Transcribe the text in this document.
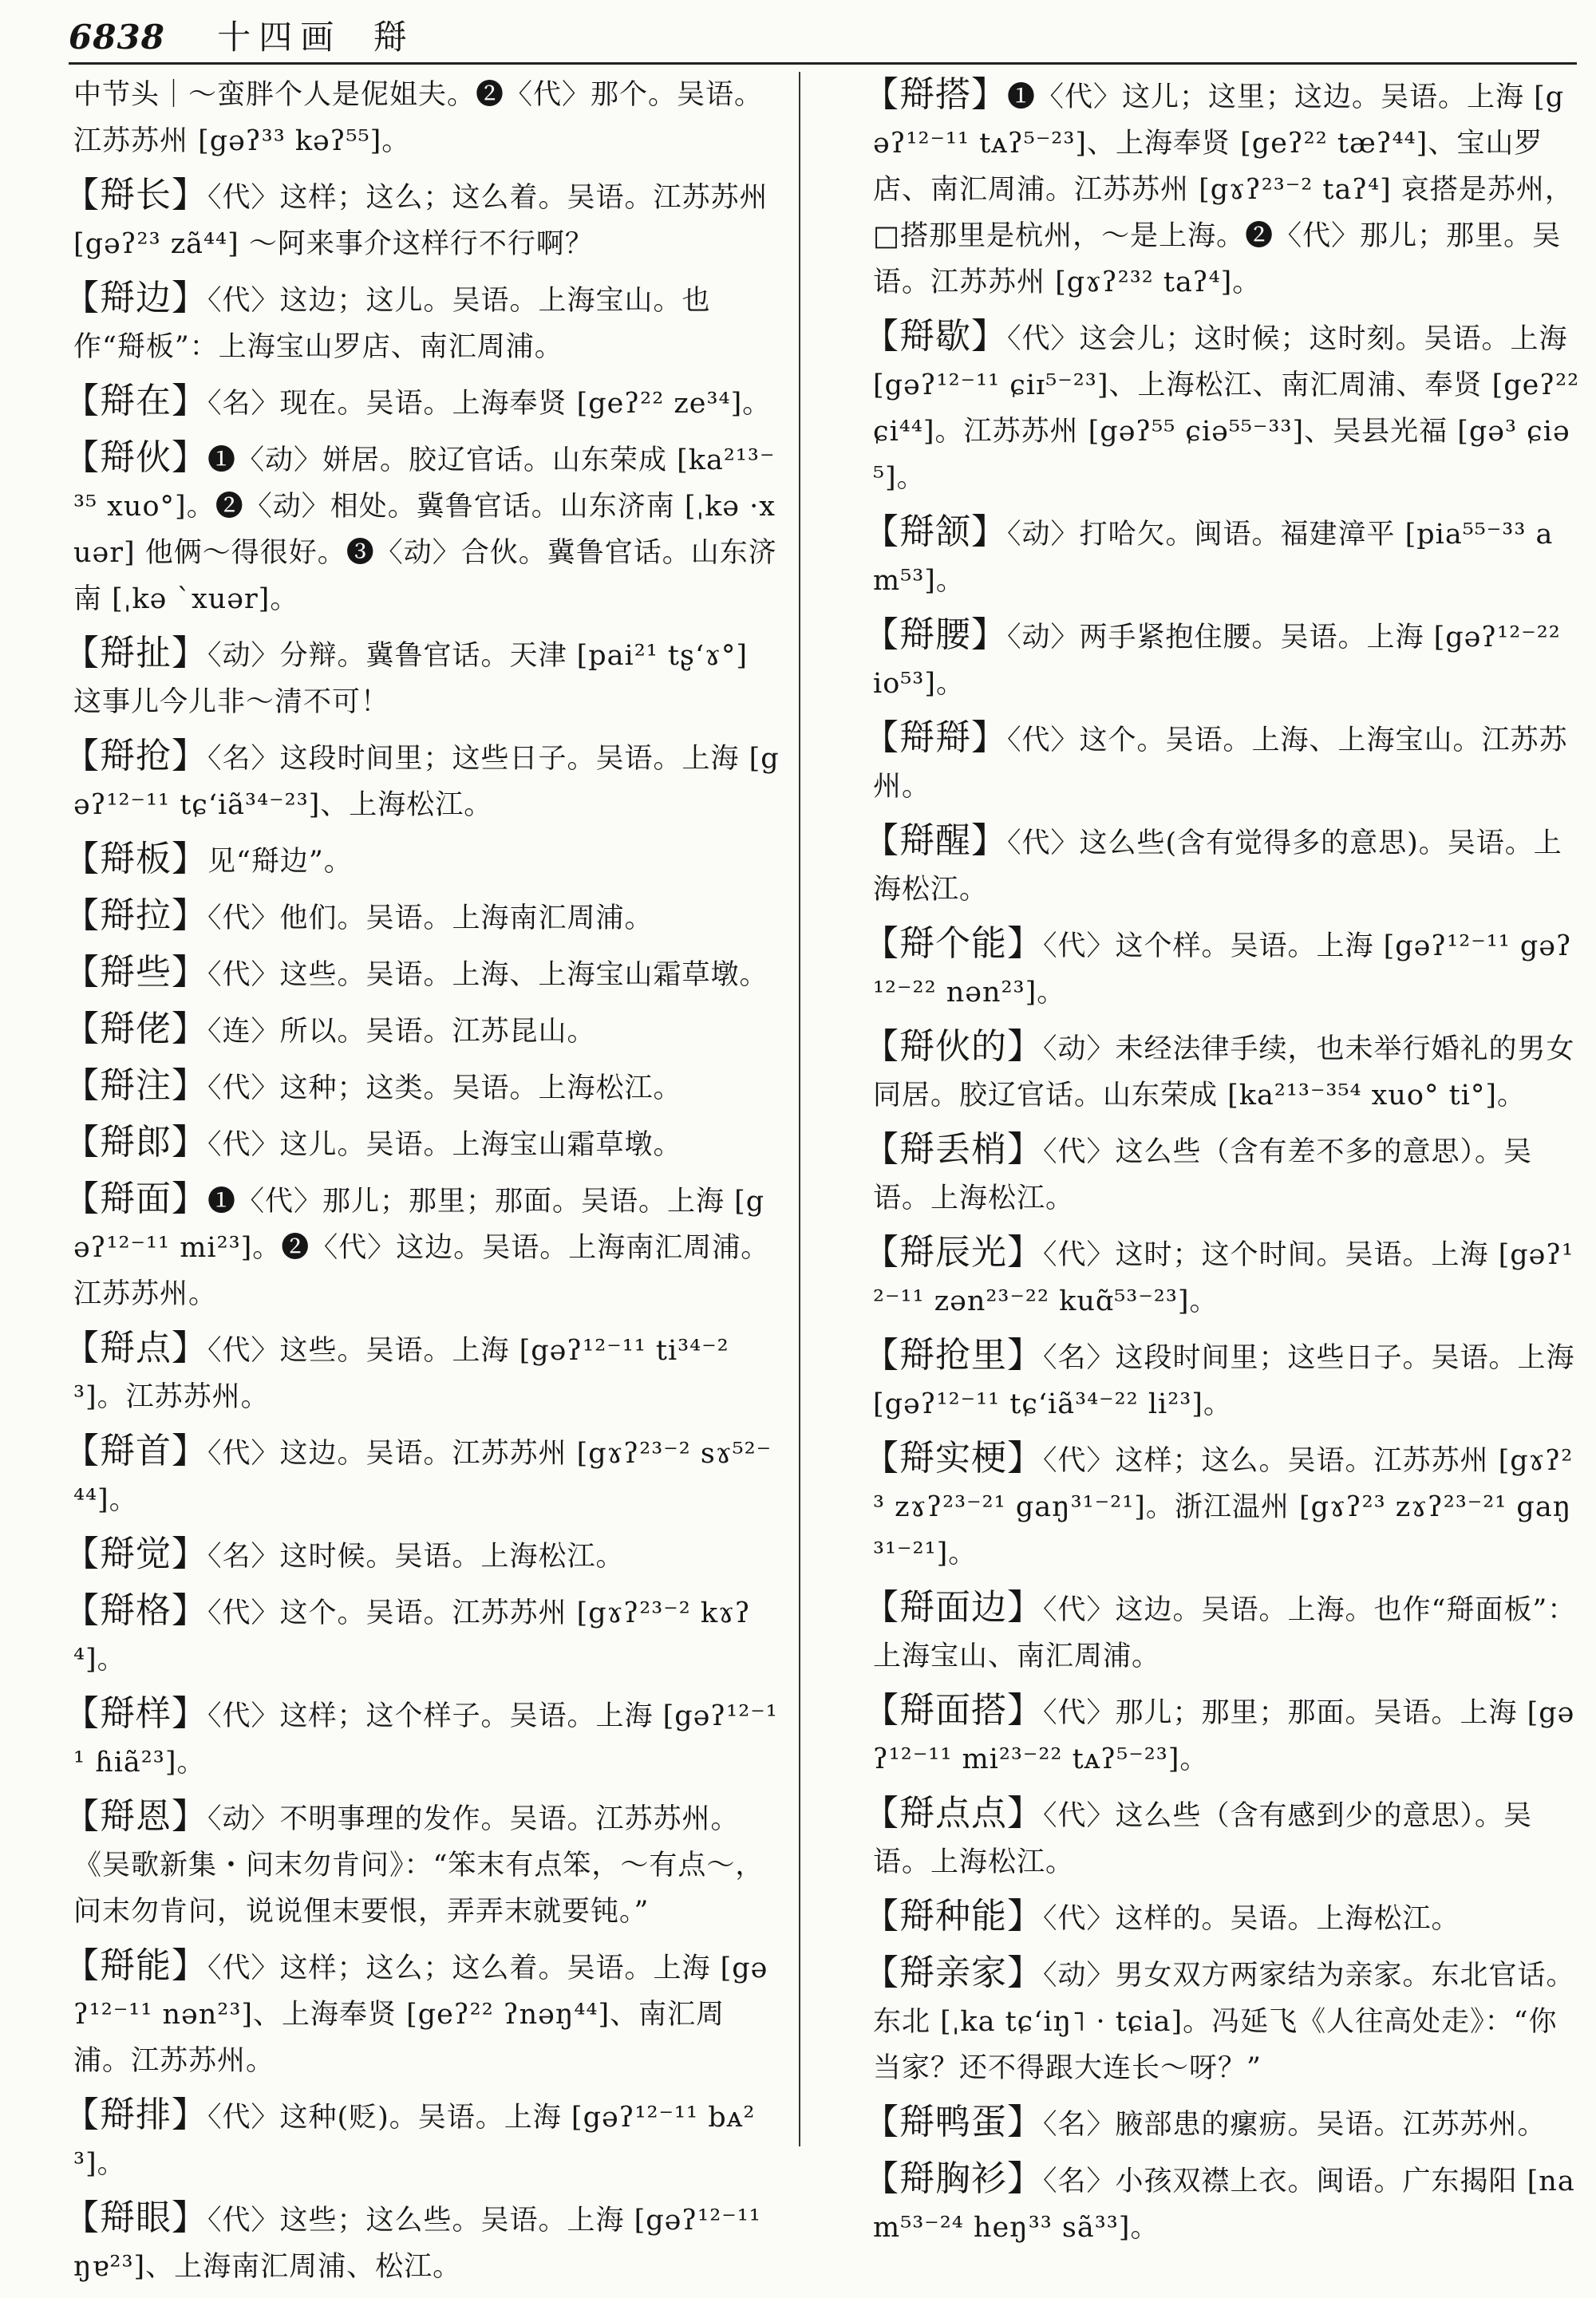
6838 十四画 搿
中节头｜～蛮胖个人是伲姐夫。❷〈代〉那个。吴语。江苏苏州 [gəʔ³³ kəʔ⁵⁵]。
【搿长】〈代〉这样；这么；这么着。吴语。江苏苏州 [gəʔ²³ zã⁴⁴] ～阿来事介这样行不行啊？
【搿边】〈代〉这边；这儿。吴语。上海宝山。也作“搿板”：上海宝山罗店、南汇周浦。
【搿在】〈名〉现在。吴语。上海奉贤 [geʔ²² ze³⁴]。
【搿伙】❶〈动〉姘居。胶辽官话。山东荣成 [ka²¹³⁻³⁵ xuo°]。❷〈动〉相处。冀鲁官话。山东济南 [ˌkə ·xuər] 他俩～得很好。❸〈动〉合伙。冀鲁官话。山东济南 [ˌkə ˋxuər]。
【搿扯】〈动〉分辩。冀鲁官话。天津 [pai²¹ tʂʻɤ°] 这事儿今儿非～清不可！
【搿抢】〈名〉这段时间里；这些日子。吴语。上海 [gəʔ¹²⁻¹¹ tɕʻiã³⁴⁻²³]、上海松江。
【搿板】见“搿边”。
【搿拉】〈代〉他们。吴语。上海南汇周浦。
【搿些】〈代〉这些。吴语。上海、上海宝山霜草墩。
【搿佬】〈连〉所以。吴语。江苏昆山。
【搿注】〈代〉这种；这类。吴语。上海松江。
【搿郎】〈代〉这儿。吴语。上海宝山霜草墩。
【搿面】❶〈代〉那儿；那里；那面。吴语。上海 [gəʔ¹²⁻¹¹ mi²³]。❷〈代〉这边。吴语。上海南汇周浦。江苏苏州。
【搿点】〈代〉这些。吴语。上海 [gəʔ¹²⁻¹¹ ti³⁴⁻²³]。江苏苏州。
【搿首】〈代〉这边。吴语。江苏苏州 [gɤʔ²³⁻² sɤ⁵²⁻⁴⁴]。
【搿觉】〈名〉这时候。吴语。上海松江。
【搿格】〈代〉这个。吴语。江苏苏州 [gɤʔ²³⁻² kɤʔ⁴]。
【搿样】〈代〉这样；这个样子。吴语。上海 [gəʔ¹²⁻¹¹ ɦiã²³]。
【搿恩】〈动〉不明事理的发作。吴语。江苏苏州。《吴歌新集・问末勿肯问》：“笨末有点笨，～有点～，问末勿肯问，说说俚末要恨，弄弄末就要钝。”
【搿能】〈代〉这样；这么；这么着。吴语。上海 [gəʔ¹²⁻¹¹ nən²³]、上海奉贤 [geʔ²² ʔnəŋ⁴⁴]、南汇周浦。江苏苏州。
【搿排】〈代〉这种(贬)。吴语。上海 [gəʔ¹²⁻¹¹ bᴀ²³]。
【搿眼】〈代〉这些；这么些。吴语。上海 [gəʔ¹²⁻¹¹ ŋɐ²³]、上海南汇周浦、松江。
【搿搭】❶〈代〉这儿；这里；这边。吴语。上海 [gəʔ¹²⁻¹¹ tᴀʔ⁵⁻²³]、上海奉贤 [geʔ²² tæʔ⁴⁴]、宝山罗店、南汇周浦。江苏苏州 [gɤʔ²³⁻² taʔ⁴] 哀搭是苏州，□搭那里是杭州，～是上海。❷〈代〉那儿；那里。吴语。江苏苏州 [gɤʔ²³² taʔ⁴]。
【搿歇】〈代〉这会儿；这时候；这时刻。吴语。上海 [gəʔ¹²⁻¹¹ ɕiɪ⁵⁻²³]、上海松江、南汇周浦、奉贤 [geʔ²² ɕi⁴⁴]。江苏苏州 [gəʔ⁵⁵ ɕiə⁵⁵⁻³³]、吴县光福 [gə³ ɕiə⁵]。
【搿颔】〈动〉打哈欠。闽语。福建漳平 [pia⁵⁵⁻³³ am⁵³]。
【搿腰】〈动〉两手紧抱住腰。吴语。上海 [gəʔ¹²⁻²² io⁵³]。
【搿搿】〈代〉这个。吴语。上海、上海宝山。江苏苏州。
【搿醒】〈代〉这么些(含有觉得多的意思)。吴语。上海松江。
【搿个能】〈代〉这个样。吴语。上海 [gəʔ¹²⁻¹¹ gəʔ¹²⁻²² nən²³]。
【搿伙的】〈动〉未经法律手续，也未举行婚礼的男女同居。胶辽官话。山东荣成 [ka²¹³⁻³⁵⁴ xuo° ti°]。
【搿丢梢】〈代〉这么些（含有差不多的意思）。吴语。上海松江。
【搿辰光】〈代〉这时；这个时间。吴语。上海 [gəʔ¹²⁻¹¹ zən²³⁻²² kuɑ̃⁵³⁻²³]。
【搿抢里】〈名〉这段时间里；这些日子。吴语。上海 [gəʔ¹²⁻¹¹ tɕʻiã³⁴⁻²² li²³]。
【搿实梗】〈代〉这样；这么。吴语。江苏苏州 [gɤʔ²³ zɤʔ²³⁻²¹ gaŋ³¹⁻²¹]。浙江温州 [gɤʔ²³ zɤʔ²³⁻²¹ gaŋ³¹⁻²¹]。
【搿面边】〈代〉这边。吴语。上海。也作“搿面板”：上海宝山、南汇周浦。
【搿面搭】〈代〉那儿；那里；那面。吴语。上海 [gəʔ¹²⁻¹¹ mi²³⁻²² tᴀʔ⁵⁻²³]。
【搿点点】〈代〉这么些（含有感到少的意思）。吴语。上海松江。
【搿种能】〈代〉这样的。吴语。上海松江。
【搿亲家】〈动〉男女双方两家结为亲家。东北官话。东北 [ˌka tɕʻiŋ˥ · tɕia]。冯延飞《人往高处走》：“你当家？还不得跟大连长～呀？”
【搿鸭蛋】〈名〉腋部患的瘰疬。吴语。江苏苏州。
【搿胸衫】〈名〉小孩双襟上衣。闽语。广东揭阳 [nam⁵³⁻²⁴ heŋ³³ sã³³]。
